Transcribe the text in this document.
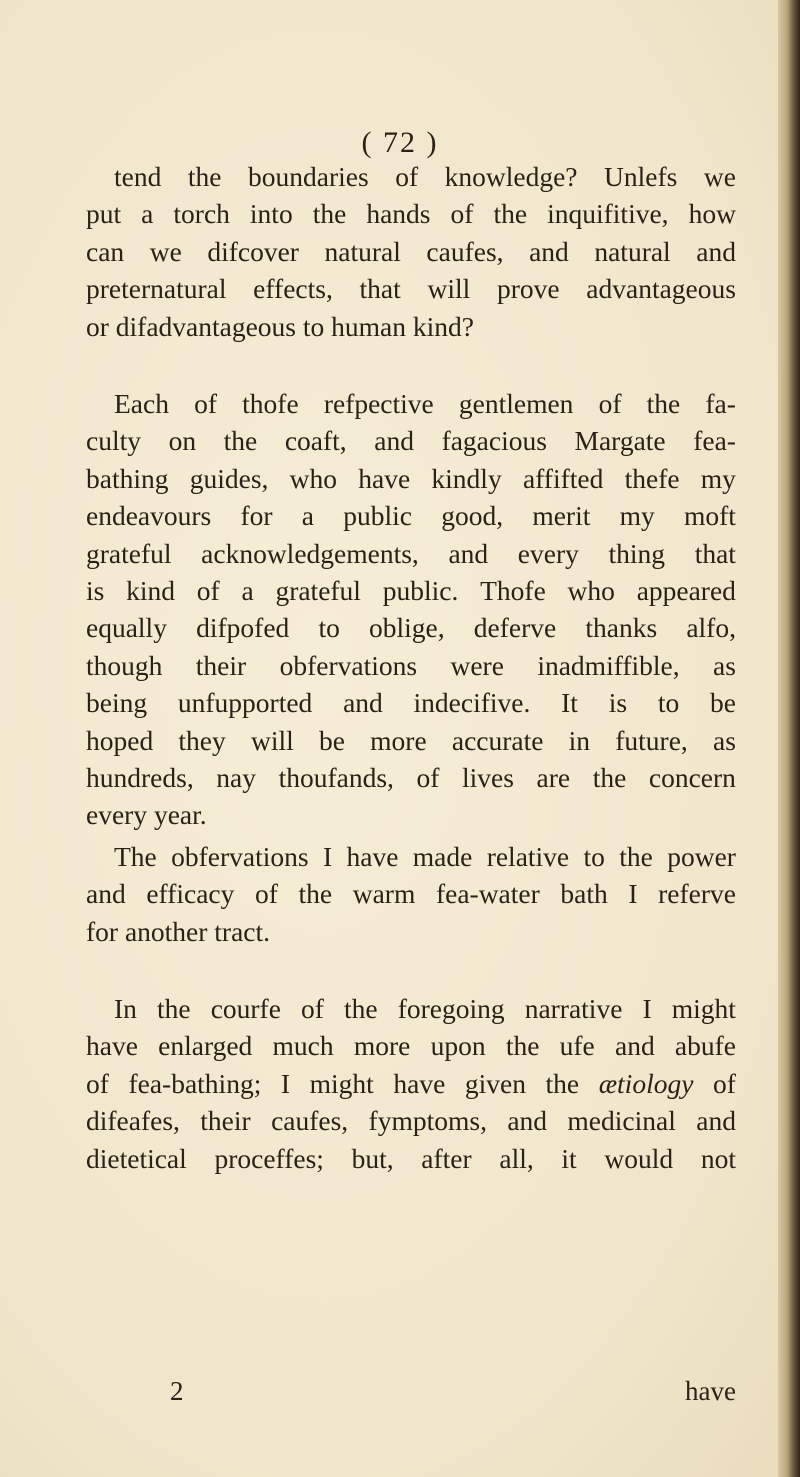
( 72 )
tend the boundaries of knowledge? Unlefs we
put a torch into the hands of the inquifitive, how
can we difcover natural caufes, and natural and
preternatural effects, that will prove advantageous
or difadvantageous to human kind?
Each of thofe refpective gentlemen of the fa-
culty on the coaft, and fagacious Margate fea-
bathing guides, who have kindly affifted thefe my
endeavours for a public good, merit my moft
grateful acknowledgements, and every thing that
is kind of a grateful public. Thofe who appeared
equally difpofed to oblige, deferve thanks alfo,
though their obfervations were inadmiffible, as
being unfupported and indecifive. It is to be
hoped they will be more accurate in future, as
hundreds, nay thoufands, of lives are the concern
every year.
The obfervations I have made relative to the power
and efficacy of the warm fea-water bath I referve
for another tract.
In the courfe of the foregoing narrative I might
have enlarged much more upon the ufe and abufe
of fea-bathing; I might have given the ætiology of
difeafes, their caufes, fymptoms, and medicinal and
dietetical proceffes; but, after all, it would not
2	have
